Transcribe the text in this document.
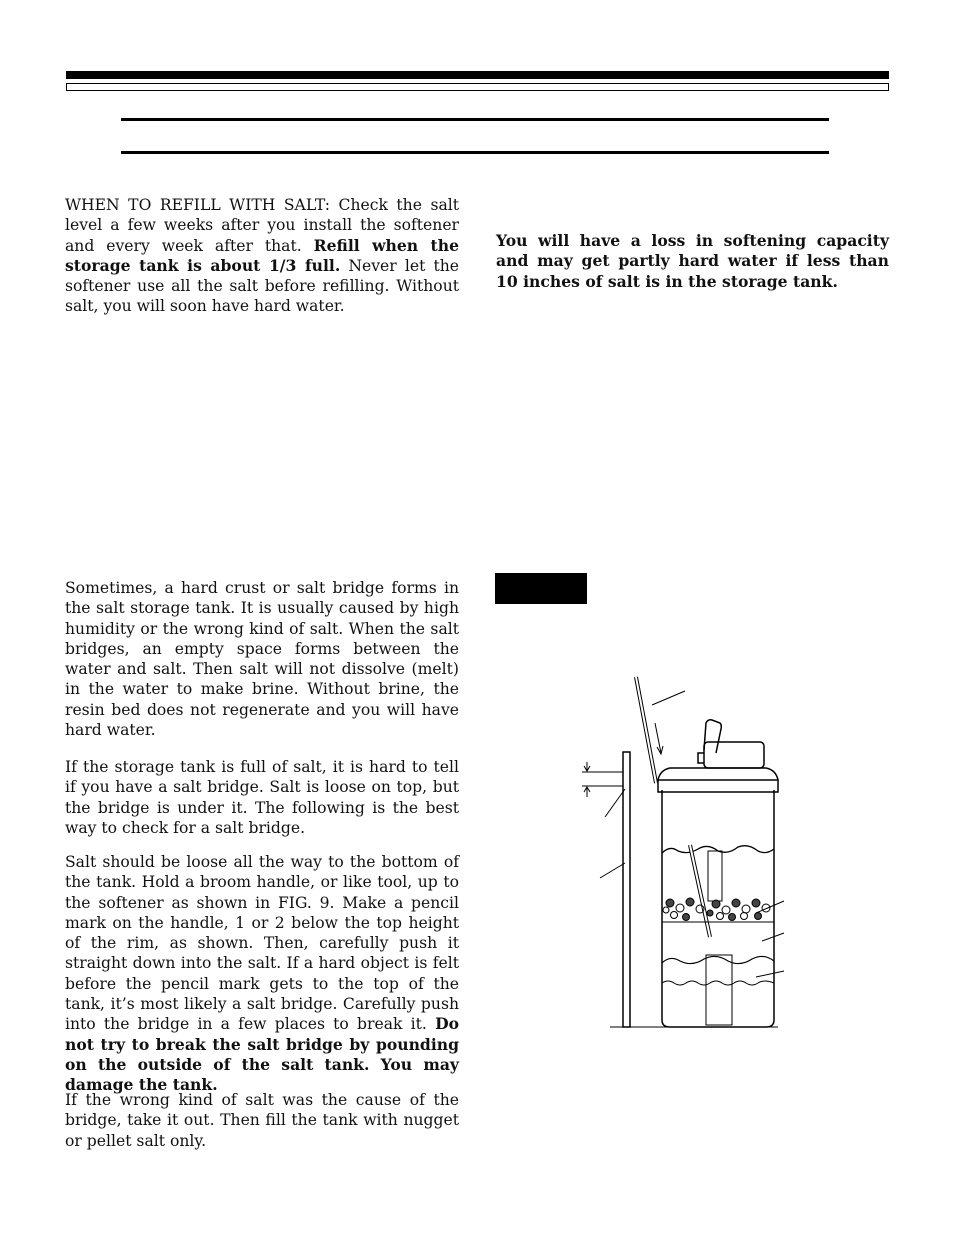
WHEN TO REFILL WITH SALT: Check the salt level a few weeks after you install the softener and every week after that. Refill when the storage tank is about 1/3 full. Never let the softener use all the salt before refilling. Without salt, you will soon have hard water.

You will have a loss in softening capacity and may get partly hard water if less than 10 inches of salt is in the storage tank.

Sometimes, a hard crust or salt bridge forms in the salt storage tank. It is usually caused by high humidity or the wrong kind of salt. When the salt bridges, an empty space forms between the water and salt. Then salt will not dissolve (melt) in the water to make brine. Without brine, the resin bed does not regenerate and you will have hard water.

If the storage tank is full of salt, it is hard to tell if you have a salt bridge. Salt is loose on top, but the bridge is under it. The following is the best way to check for a salt bridge.

Salt should be loose all the way to the bottom of the tank. Hold a broom handle, or like tool, up to the softener as shown in FIG. 9. Make a pencil mark on the handle, 1 or 2 below the top height of the rim, as shown. Then, carefully push it straight down into the salt. If a hard object is felt before the pencil mark gets to the top of the tank, it’s most likely a salt bridge. Carefully push into the bridge in a few places to break it. Do not try to break the salt bridge by pounding on the outside of the salt tank. You may damage the tank.

If the wrong kind of salt was the cause of the bridge, take it out. Then fill the tank with nugget or pellet salt only.
